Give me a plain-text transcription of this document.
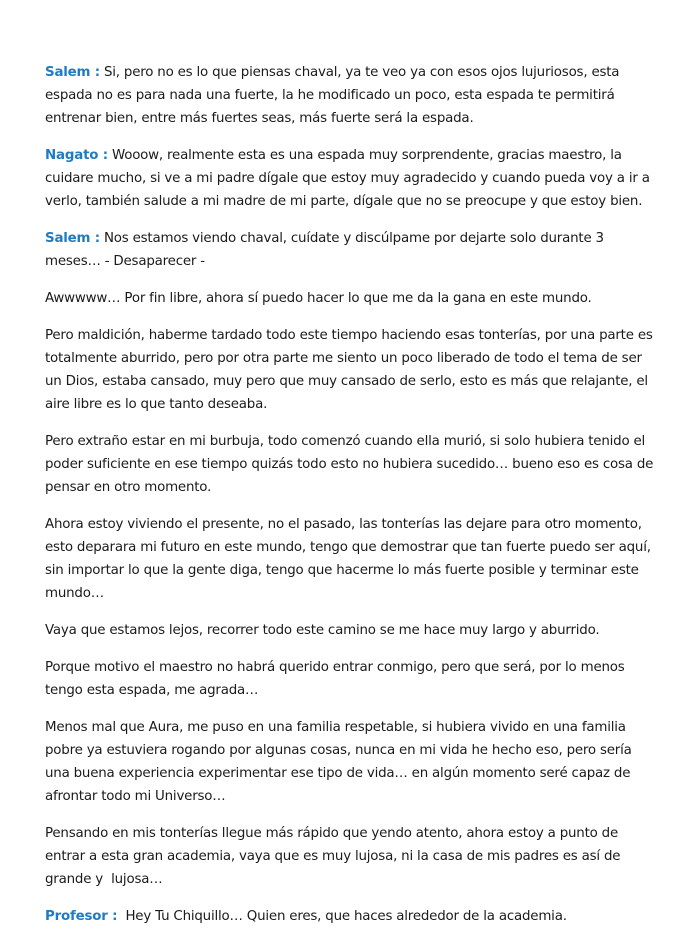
Salem : Si, pero no es lo que piensas chaval, ya te veo ya con esos ojos lujuriosos, esta espada no es para nada una fuerte, la he modificado un poco, esta espada te permitirá entrenar bien, entre más fuertes seas, más fuerte será la espada.

Nagato : Wooow, realmente esta es una espada muy sorprendente, gracias maestro, la cuidare mucho, si ve a mi padre dígale que estoy muy agradecido y cuando pueda voy a ir a verlo, también salude a mi madre de mi parte, dígale que no se preocupe y que estoy bien.

Salem : Nos estamos viendo chaval, cuídate y discúlpame por dejarte solo durante 3 meses… - Desaparecer -

Awwwww… Por fin libre, ahora sí puedo hacer lo que me da la gana en este mundo.

Pero maldición, haberme tardado todo este tiempo haciendo esas tonterías, por una parte es totalmente aburrido, pero por otra parte me siento un poco liberado de todo el tema de ser un Dios, estaba cansado, muy pero que muy cansado de serlo, esto es más que relajante, el aire libre es lo que tanto deseaba.

Pero extraño estar en mi burbuja, todo comenzó cuando ella murió, si solo hubiera tenido el poder suficiente en ese tiempo quizás todo esto no hubiera sucedido… bueno eso es cosa de pensar en otro momento.

Ahora estoy viviendo el presente, no el pasado, las tonterías las dejare para otro momento, esto deparara mi futuro en este mundo, tengo que demostrar que tan fuerte puedo ser aquí, sin importar lo que la gente diga, tengo que hacerme lo más fuerte posible y terminar este mundo…

Vaya que estamos lejos, recorrer todo este camino se me hace muy largo y aburrido.

Porque motivo el maestro no habrá querido entrar conmigo, pero que será, por lo menos tengo esta espada, me agrada…

Menos mal que Aura, me puso en una familia respetable, si hubiera vivido en una familia pobre ya estuviera rogando por algunas cosas, nunca en mi vida he hecho eso, pero sería una buena experiencia experimentar ese tipo de vida… en algún momento seré capaz de afrontar todo mi Universo…

Pensando en mis tonterías llegue más rápido que yendo atento, ahora estoy a punto de entrar a esta gran academia, vaya que es muy lujosa, ni la casa de mis padres es así de grande y  lujosa…

Profesor :  Hey Tu Chiquillo… Quien eres, que haces alrededor de la academia.
